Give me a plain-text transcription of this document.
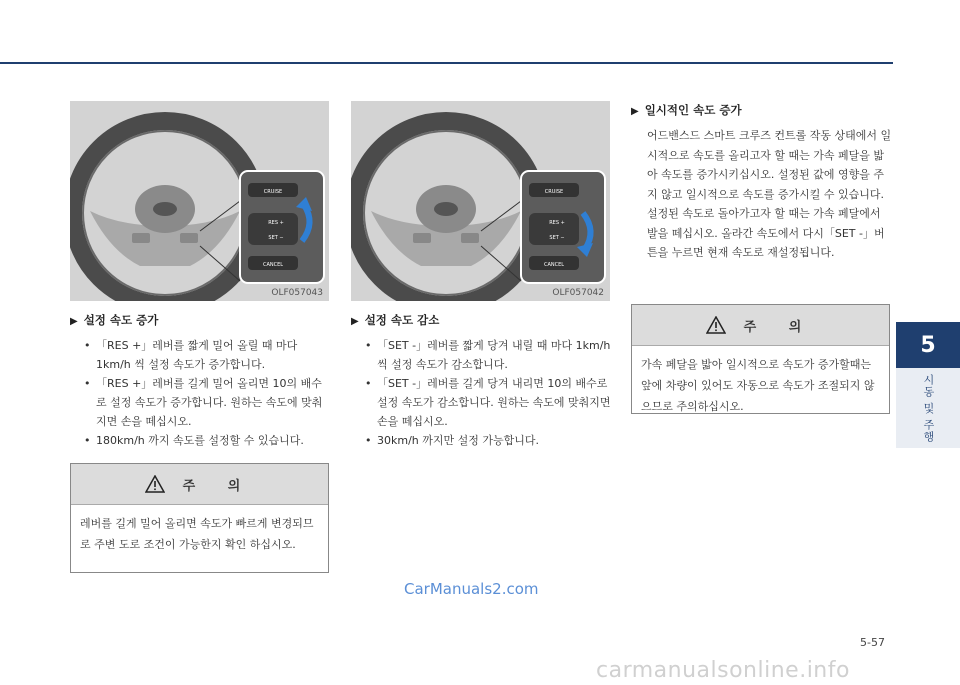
5
시동 및 주행
CRUISE
RES +
SET −
CANCEL
OLF057043
CRUISE
RES +
SET −
CANCEL
OLF057042
▶ 설정 속도 증가
• 「RES +」레버를 짧게 밀어 올릴 때 마다 1km/h 씩 설정 속도가 증가합니다.
• 「RES +」레버를 길게 밀어 올리면 10의 배수로 설정 속도가 증가합니다. 원하는 속도에 맞춰지면 손을 떼십시오.
• 180km/h 까지 속도를 설정할 수 있습니다.
주 의
레버를 길게 밀어 올리면 속도가 빠르게 변경되므로 주변 도로 조건이 가능한지 확인 하십시오.
▶ 설정 속도 감소
• 「SET -」레버를 짧게 당겨 내릴 때 마다 1km/h 씩 설정 속도가 감소합니다.
• 「SET -」레버를 길게 당겨 내리면 10의 배수로 설정 속도가 감소합니다. 원하는 속도에 맞춰지면 손을 떼십시오.
• 30km/h 까지만 설정 가능합니다.
▶ 일시적인 속도 증가

어드밴스드 스마트 크루즈 컨트롤 작동 상태에서 일시적으로 속도를 올리고자 할 때는 가속 페달을 밟아 속도를 증가시키십시오. 설정된 값에 영향을 주지 않고 일시적으로 속도를 증가시킬 수 있습니다.

설정된 속도로 돌아가고자 할 때는 가속 페달에서 발을 떼십시오. 올라간 속도에서 다시「SET -」버튼을 누르면 현재 속도로 재설정됩니다.

주 의
가속 페달을 밟아 일시적으로 속도가 증가할때는 앞에 차량이 있어도 자동으로 속도가 조절되지 않으므로 주의하십시오.
CarManuals2.com
5-57
carmanualsonline.info
